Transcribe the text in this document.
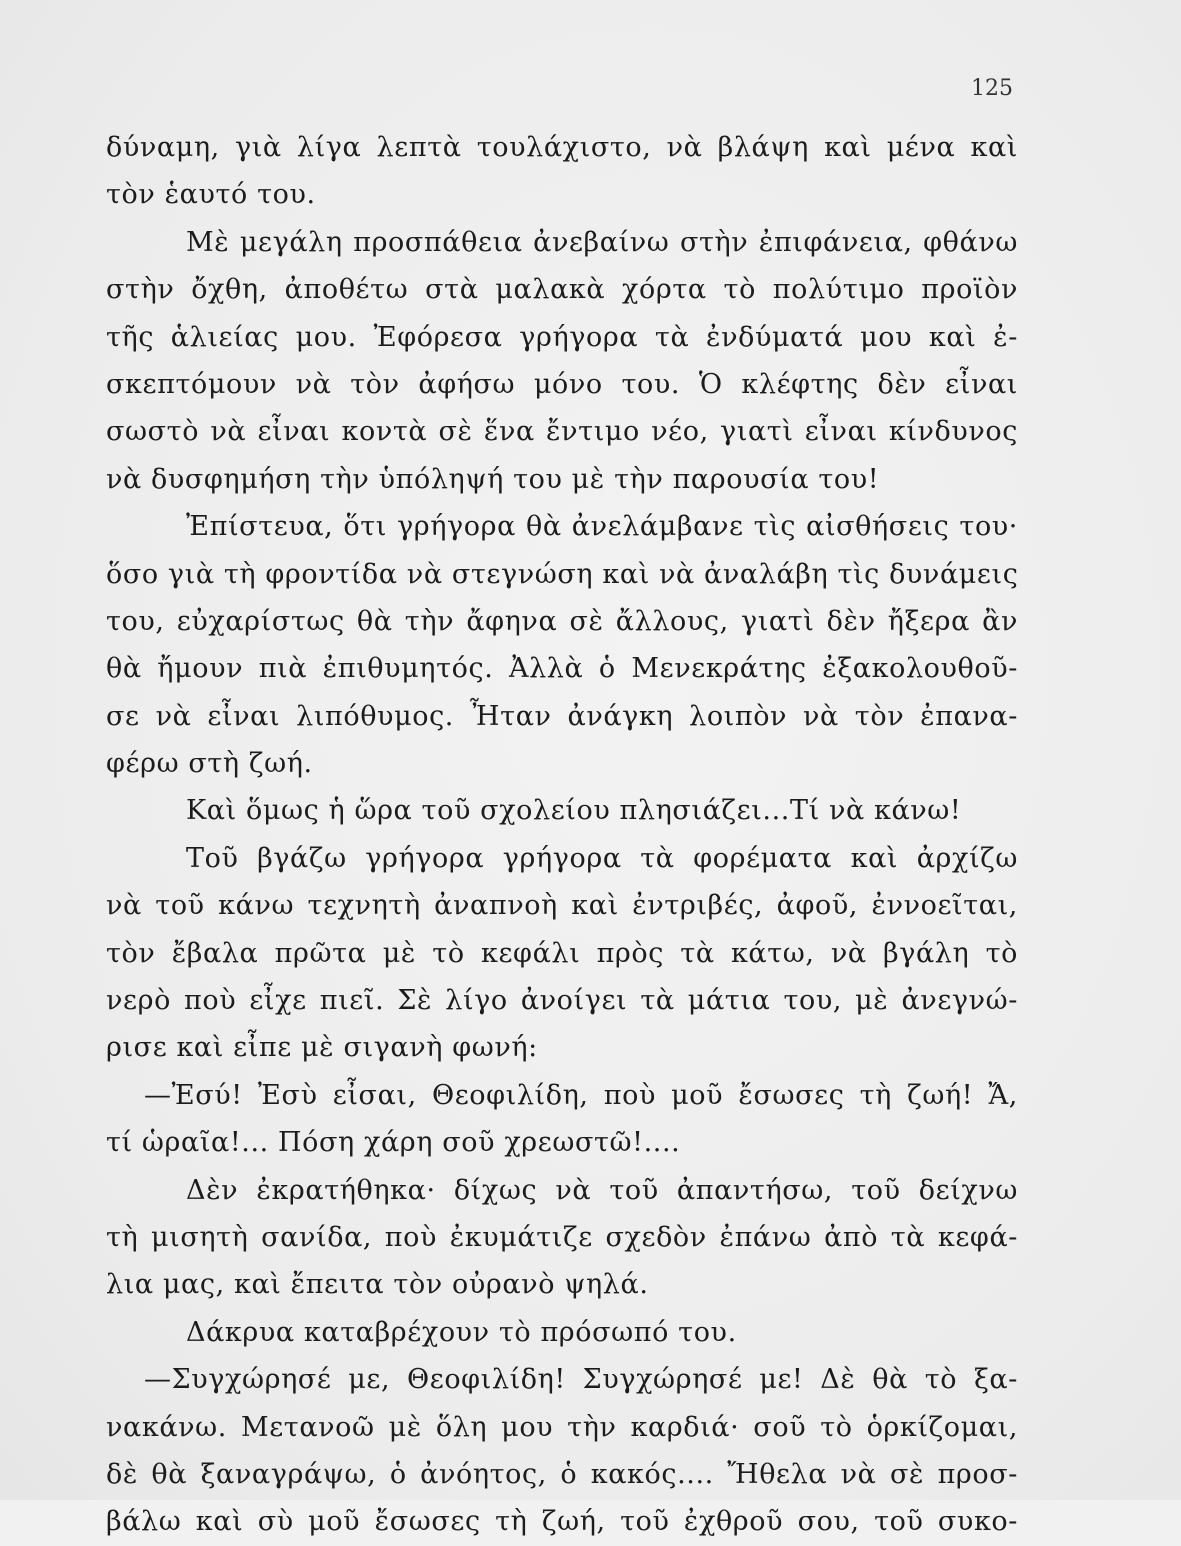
125
δύναμη, γιὰ λίγα λεπτὰ τουλάχιστο, νὰ βλάψη καὶ μένα καὶ
τὸν ἑαυτό του.
Μὲ μεγάλη προσπάθεια ἀνεβαίνω στὴν ἐπιφάνεια, φθάνω
στὴν ὄχθη, ἀποθέτω στὰ μαλακὰ χόρτα τὸ πολύτιμο προϊὸν
τῆς ἁλιείας μου. Ἐφόρεσα γρήγορα τὰ ἐνδύματά μου καὶ ἐ-
σκεπτόμουν νὰ τὸν ἀφήσω μόνο του. Ὁ κλέφτης δὲν εἶναι
σωστὸ νὰ εἶναι κοντὰ σὲ ἕνα ἔντιμο νέο, γιατὶ εἶναι κίνδυνος
νὰ δυσφημήση τὴν ὑπόληψή του μὲ τὴν παρουσία του!
Ἐπίστευα, ὅτι γρήγορα θὰ ἀνελάμβανε τὶς αἰσθήσεις του·
ὅσο γιὰ τὴ φροντίδα νὰ στεγνώση καὶ νὰ ἀναλάβη τὶς δυνάμεις
του, εὐχαρίστως θὰ τὴν ἄφηνα σὲ ἄλλους, γιατὶ δὲν ἤξερα ἂν
θὰ ἤμουν πιὰ ἐπιθυμητός. Ἀλλὰ ὁ Μενεκράτης ἐξακολουθοῦ-
σε νὰ εἶναι λιπόθυμος. Ἦταν ἀνάγκη λοιπὸν νὰ τὸν ἐπανα-
φέρω στὴ ζωή.
Καὶ ὅμως ἡ ὥρα τοῦ σχολείου πλησιάζει...Τί νὰ κάνω!
Τοῦ βγάζω γρήγορα γρήγορα τὰ φορέματα καὶ ἀρχίζω
νὰ τοῦ κάνω τεχνητὴ ἀναπνοὴ καὶ ἐντριβές, ἀφοῦ, ἐννοεῖται,
τὸν ἔβαλα πρῶτα μὲ τὸ κεφάλι πρὸς τὰ κάτω, νὰ βγάλη τὸ
νερὸ ποὺ εἶχε πιεῖ. Σὲ λίγο ἀνοίγει τὰ μάτια του, μὲ ἀνεγνώ-
ρισε καὶ εἶπε μὲ σιγανὴ φωνή:
—Ἐσύ! Ἐσὺ εἶσαι, Θεοφιλίδη, ποὺ μοῦ ἔσωσες τὴ ζωή! Ἄ,
τί ὡραῖα!... Πόση χάρη σοῦ χρεωστῶ!....
Δὲν ἐκρατήθηκα· δίχως νὰ τοῦ ἀπαντήσω, τοῦ δείχνω
τὴ μισητὴ σανίδα, ποὺ ἐκυμάτιζε σχεδὸν ἐπάνω ἀπὸ τὰ κεφά-
λια μας, καὶ ἔπειτα τὸν οὐρανὸ ψηλά.
Δάκρυα καταβρέχουν τὸ πρόσωπό του.
—Συγχώρησέ με, Θεοφιλίδη! Συγχώρησέ με! Δὲ θὰ τὸ ξα-
νακάνω. Μετανοῶ μὲ ὅλη μου τὴν καρδιά· σοῦ τὸ ὁρκίζομαι,
δὲ θὰ ξαναγράψω, ὁ ἀνόητος, ὁ κακός.... Ἤθελα νὰ σὲ προσ-
βάλω καὶ σὺ μοῦ ἔσωσες τὴ ζωή, τοῦ ἐχθροῦ σου, τοῦ συκο-
